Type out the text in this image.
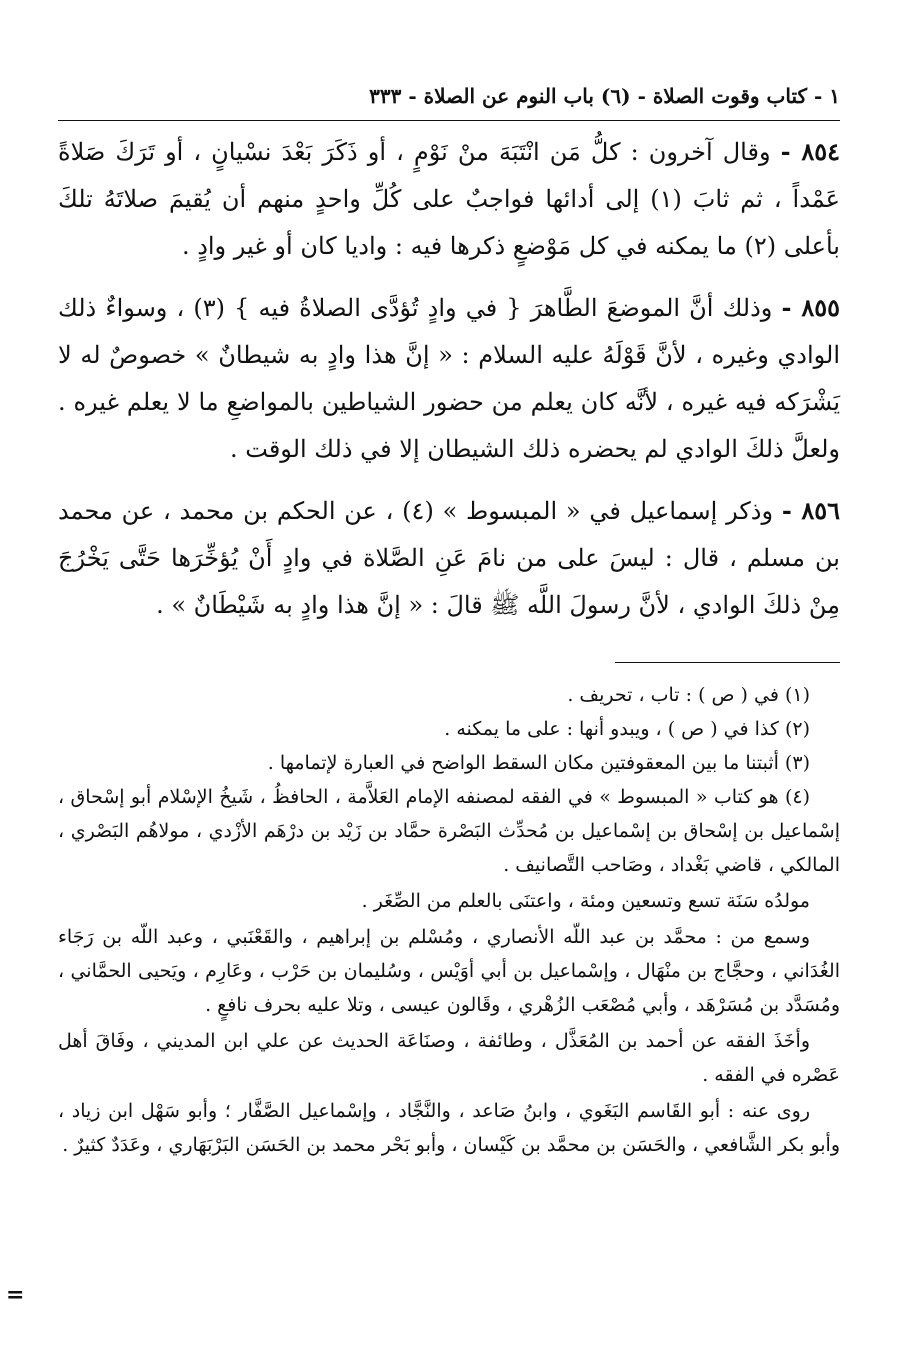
١ - كتاب وقوت الصلاة - (٦) باب النوم عن الصلاة - ٣٣٣

٨٥٤ - وقال آخرون : كلُّ مَن انْتَبَهَ منْ نَوْمٍ ، أو ذَكَرَ بَعْدَ نسْيانٍ ، أو تَرَكَ صَلاةً عَمْداً ، ثم ثابَ (١) إلى أدائها فواجبٌ على كُلِّ واحدٍ منهم أن يُقيمَ صلاتَهُ تلكَ بأعلى (٢) ما يمكنه في كل مَوْضعٍ ذكرها فيه : واديا كان أو غير وادٍ .

٨٥٥ - وذلك أنَّ الموضعَ الطَّاهرَ { في وادٍ تُؤدَّى الصلاةُ فيه } (٣) ، وسواءٌ ذلك الوادي وغيره ، لأنَّ قَوْلَهُ عليه السلام : « إنَّ هذا وادٍ به شيطانٌ » خصوصٌ له لا يَشْرَكه فيه غيره ، لأنَّه كان يعلم من حضور الشياطين بالمواضعِ ما لا يعلم غيره . ولعلَّ ذلكَ الوادي لم يحضره ذلك الشيطان إلا في ذلك الوقت .

٨٥٦ - وذكر إسماعيل في « المبسوط » (٤) ، عن الحكم بن محمد ، عن محمد بن مسلم ، قال : ليسَ على من نامَ عَنِ الصَّلاة في وادٍ أَنْ يُؤخِّرَها حَتَّى يَخْرُجَ مِنْ ذلكَ الوادي ، لأنَّ رسولَ اللَّه ﷺ قالَ : « إنَّ هذا وادٍ به شَيْطَانٌ » .

(١) في ( ص ) : تاب ، تحريف .

(٢) كذا في ( ص ) ، ويبدو أنها : على ما يمكنه .

(٣) أثبتنا ما بين المعقوفتين مكان السقط الواضح في العبارة لإتمامها .

(٤) هو كتاب « المبسوط » في الفقه لمصنفه الإمام العَلاَّمة ، الحافظُ ، شَيخُ الإسْلام أبو إسْحاق ، إسْماعيل بن إسْحاق بن إسْماعيل بن مُحدِّث البَصْرة حمَّاد بن زَيْد بن درْهَم الأزْدي ، مولاهُم البَصْري ، المالكي ، قاضي بَغْداد ، وصَاحب التَّصانيف .

مولدُه سَنَة تسع وتسعين ومئة ، واعتنَى بالعلم من الصِّغَر .

وسمع من : محمَّد بن عبد اللّه الأنصاري ، ومُسْلم بن إبراهيم ، والقَعْنَبي ، وعبد اللّه بن رَجَاء الغُدَاني ، وحجَّاج بن منْهَال ، وإسْماعيل بن أبي أوَيْس ، وسُليمان بن حَرْب ، وعَارِم ، ويَحيى الحمَّاني ، ومُسَدَّد بن مُسَرْهَد ، وأبي مُصْعَب الزُهْري ، وقَالون عيسى ، وتلا عليه بحرف نافعٍ .

وأخَذَ الفقه عن أحمد بن المُعَذَّل ، وطائفة ، وصنَاعَة الحديث عن علي ابن المديني ، وفَاقَ أهل عَصْره في الفقه .

روى عنه : أبو القَاسم البَغَوي ، وابنُ صَاعد ، والنَّجَّاد ، وإسْماعيل الصَّفَّار ؛ وأبو سَهْل ابن زياد ، وأبو بكر الشَّافعي ، والحَسَن بن محمَّد بن كَيْسان ، وأبو بَحْر محمد بن الحَسَن البَرْبَهَاري ، وعَدَدٌ كثيرٌ .

=
